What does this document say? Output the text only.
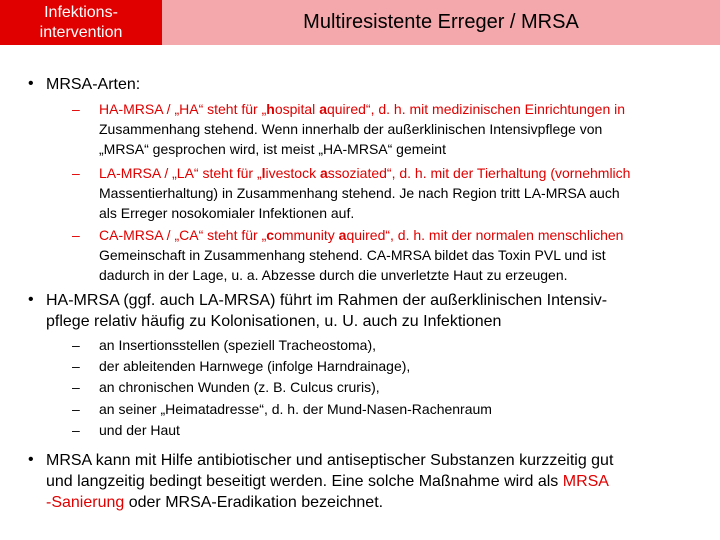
Infektions-
intervention	Multiresistente Erreger / MRSA
• MRSA-Arten:
– HA-MRSA / „HA“ steht für „hospital aquired“, d. h. mit medizinischen Einrichtungen in
Zusammenhang stehend. Wenn innerhalb der außerklinischen Intensivpflege von
„MRSA“ gesprochen wird, ist meist „HA-MRSA“ gemeint
– LA-MRSA / „LA“ steht für „livestock assoziated“, d. h. mit der Tierhaltung (vornehmlich
Massentierhaltung) in Zusammenhang stehend. Je nach Region tritt LA-MRSA auch
als Erreger nosokomialer Infektionen auf.
– CA-MRSA / „CA“ steht für „community aquired“, d. h. mit der normalen menschlichen
Gemeinschaft in Zusammenhang stehend. CA-MRSA bildet das Toxin PVL und ist
dadurch in der Lage, u. a. Abzesse durch die unverletzte Haut zu erzeugen.
• HA-MRSA (ggf. auch LA-MRSA) führt im Rahmen der außerklinischen Intensiv-
pflege relativ häufig zu Kolonisationen, u. U. auch zu Infektionen
– an Insertionsstellen (speziell Tracheostoma),
– der ableitenden Harnwege (infolge Harndrainage),
– an chronischen Wunden (z. B. Culcus cruris),
– an seiner „Heimatadresse“, d. h. der Mund-Nasen-Rachenraum
– und der Haut
• MRSA kann mit Hilfe antibiotischer und antiseptischer Substanzen kurzzeitig gut
und langzeitig bedingt beseitigt werden. Eine solche Maßnahme wird als MRSA
-Sanierung oder MRSA-Eradikation bezeichnet.
